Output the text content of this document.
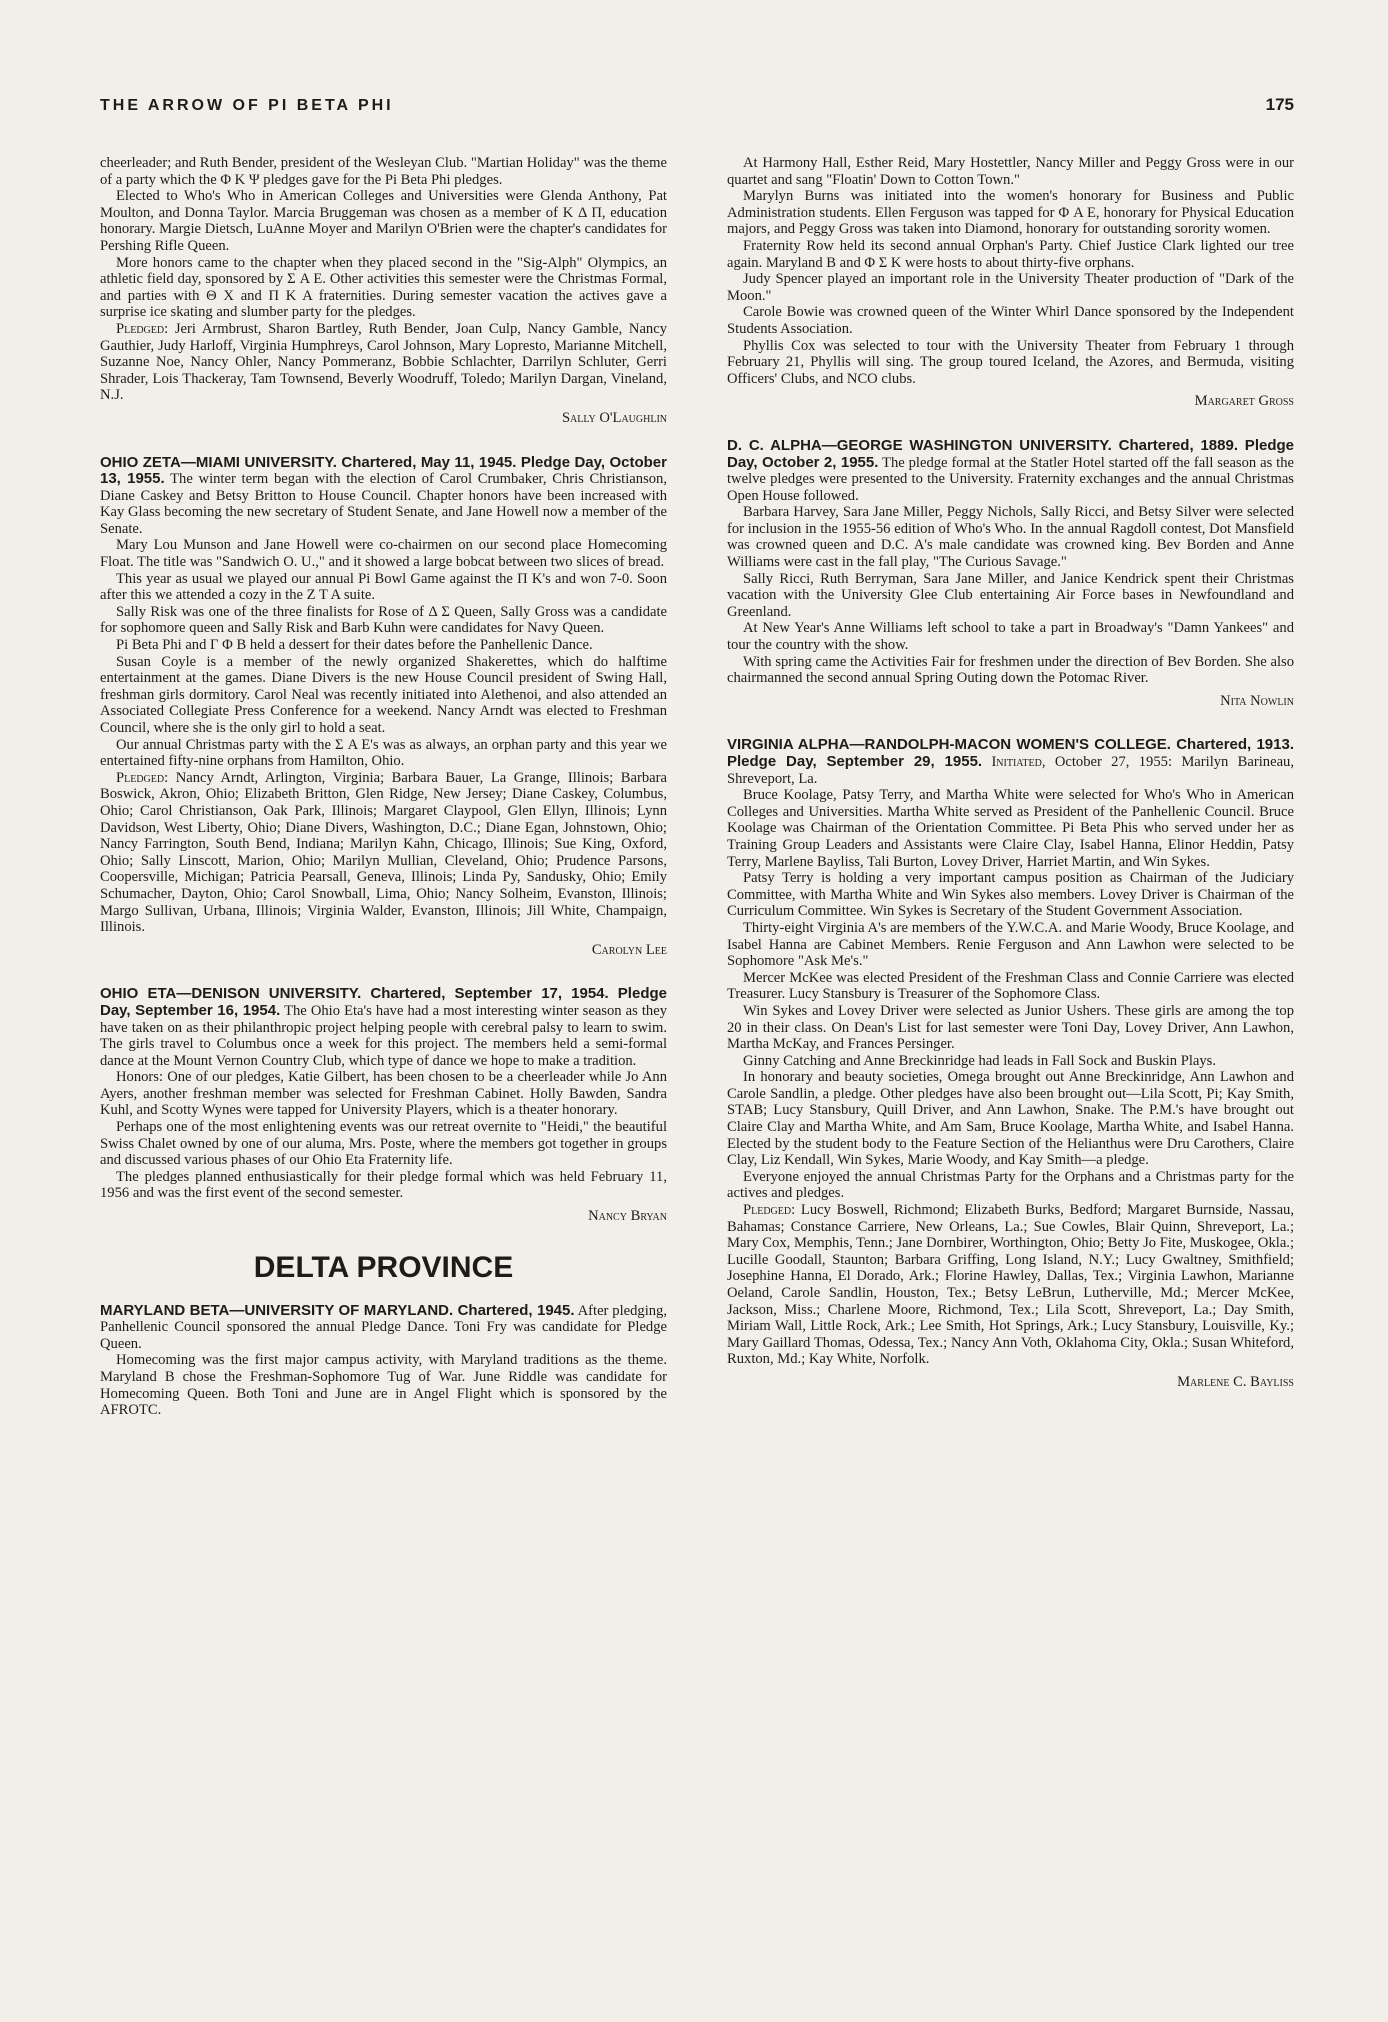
THE ARROW OF PI BETA PHI	175

cheerleader; and Ruth Bender, president of the Wesleyan Club. "Martian Holiday" was the theme of a party which the Φ K Ψ pledges gave for the Pi Beta Phi pledges.

Elected to Who's Who in American Colleges and Universities were Glenda Anthony, Pat Moulton, and Donna Taylor. Marcia Bruggeman was chosen as a member of K Δ Π, education honorary. Margie Dietsch, LuAnne Moyer and Marilyn O'Brien were the chapter's candidates for Pershing Rifle Queen.

More honors came to the chapter when they placed second in the "Sig-Alph" Olympics, an athletic field day, sponsored by Σ A E. Other activities this semester were the Christmas Formal, and parties with Θ X and Π K A fraternities. During semester vacation the actives gave a surprise ice skating and slumber party for the pledges.

Pledged: Jeri Armbrust, Sharon Bartley, Ruth Bender, Joan Culp, Nancy Gamble, Nancy Gauthier, Judy Harloff, Virginia Humphreys, Carol Johnson, Mary Lopresto, Marianne Mitchell, Suzanne Noe, Nancy Ohler, Nancy Pommeranz, Bobbie Schlachter, Darrilyn Schluter, Gerri Shrader, Lois Thackeray, Tam Townsend, Beverly Woodruff, Toledo; Marilyn Dargan, Vineland, N.J.

Sally O'Laughlin

OHIO ZETA—MIAMI UNIVERSITY. Chartered, May 11, 1945. Pledge Day, October 13, 1955. The winter term began with the election of Carol Crumbaker, Chris Christianson, Diane Caskey and Betsy Britton to House Council. Chapter honors have been increased with Kay Glass becoming the new secretary of Student Senate, and Jane Howell now a member of the Senate.

Mary Lou Munson and Jane Howell were co-chairmen on our second place Homecoming Float. The title was "Sandwich O. U.," and it showed a large bobcat between two slices of bread.

This year as usual we played our annual Pi Bowl Game against the Π K's and won 7-0. Soon after this we attended a cozy in the Z T A suite.

Sally Risk was one of the three finalists for Rose of Δ Σ Queen, Sally Gross was a candidate for sophomore queen and Sally Risk and Barb Kuhn were candidates for Navy Queen.

Pi Beta Phi and Γ Φ B held a dessert for their dates before the Panhellenic Dance.

Susan Coyle is a member of the newly organized Shakerettes, which do halftime entertainment at the games. Diane Divers is the new House Council president of Swing Hall, freshman girls dormitory. Carol Neal was recently initiated into Alethenoi, and also attended an Associated Collegiate Press Conference for a weekend. Nancy Arndt was elected to Freshman Council, where she is the only girl to hold a seat.

Our annual Christmas party with the Σ A E's was as always, an orphan party and this year we entertained fifty-nine orphans from Hamilton, Ohio.

Pledged: Nancy Arndt, Arlington, Virginia; Barbara Bauer, La Grange, Illinois; Barbara Boswick, Akron, Ohio; Elizabeth Britton, Glen Ridge, New Jersey; Diane Caskey, Columbus, Ohio; Carol Christianson, Oak Park, Illinois; Margaret Claypool, Glen Ellyn, Illinois; Lynn Davidson, West Liberty, Ohio; Diane Divers, Washington, D.C.; Diane Egan, Johnstown, Ohio; Nancy Farrington, South Bend, Indiana; Marilyn Kahn, Chicago, Illinois; Sue King, Oxford, Ohio; Sally Linscott, Marion, Ohio; Marilyn Mullian, Cleveland, Ohio; Prudence Parsons, Coopersville, Michigan; Patricia Pearsall, Geneva, Illinois; Linda Py, Sandusky, Ohio; Emily Schumacher, Dayton, Ohio; Carol Snowball, Lima, Ohio; Nancy Solheim, Evanston, Illinois; Margo Sullivan, Urbana, Illinois; Virginia Walder, Evanston, Illinois; Jill White, Champaign, Illinois.

Carolyn Lee

OHIO ETA—DENISON UNIVERSITY. Chartered, September 17, 1954. Pledge Day, September 16, 1954. The Ohio Eta's have had a most interesting winter season as they have taken on as their philanthropic project helping people with cerebral palsy to learn to swim. The girls travel to Columbus once a week for this project. The members held a semi-formal dance at the Mount Vernon Country Club, which type of dance we hope to make a tradition.

Honors: One of our pledges, Katie Gilbert, has been chosen to be a cheerleader while Jo Ann Ayers, another freshman member was selected for Freshman Cabinet. Holly Bawden, Sandra Kuhl, and Scotty Wynes were tapped for University Players, which is a theater honorary.

Perhaps one of the most enlightening events was our retreat overnite to "Heidi," the beautiful Swiss Chalet owned by one of our aluma, Mrs. Poste, where the members got together in groups and discussed various phases of our Ohio Eta Fraternity life.

The pledges planned enthusiastically for their pledge formal which was held February 11, 1956 and was the first event of the second semester.

Nancy Bryan
DELTA PROVINCE

MARYLAND BETA—UNIVERSITY OF MARYLAND. Chartered, 1945. After pledging, Panhellenic Council sponsored the annual Pledge Dance. Toni Fry was candidate for Pledge Queen.

Homecoming was the first major campus activity, with Maryland traditions as the theme. Maryland B chose the Freshman-Sophomore Tug of War. June Riddle was candidate for Homecoming Queen. Both Toni and June are in Angel Flight which is sponsored by the AFROTC.

At Harmony Hall, Esther Reid, Mary Hostettler, Nancy Miller and Peggy Gross were in our quartet and sang "Floatin' Down to Cotton Town."

Marylyn Burns was initiated into the women's honorary for Business and Public Administration students. Ellen Ferguson was tapped for Φ A E, honorary for Physical Education majors, and Peggy Gross was taken into Diamond, honorary for outstanding sorority women.

Fraternity Row held its second annual Orphan's Party. Chief Justice Clark lighted our tree again. Maryland B and Φ Σ K were hosts to about thirty-five orphans.

Judy Spencer played an important role in the University Theater production of "Dark of the Moon."

Carole Bowie was crowned queen of the Winter Whirl Dance sponsored by the Independent Students Association.

Phyllis Cox was selected to tour with the University Theater from February 1 through February 21, Phyllis will sing. The group toured Iceland, the Azores, and Bermuda, visiting Officers' Clubs, and NCO clubs.

Margaret Gross

D. C. ALPHA—GEORGE WASHINGTON UNIVERSITY. Chartered, 1889. Pledge Day, October 2, 1955. The pledge formal at the Statler Hotel started off the fall season as the twelve pledges were presented to the University. Fraternity exchanges and the annual Christmas Open House followed.

Barbara Harvey, Sara Jane Miller, Peggy Nichols, Sally Ricci, and Betsy Silver were selected for inclusion in the 1955-56 edition of Who's Who. In the annual Ragdoll contest, Dot Mansfield was crowned queen and D.C. A's male candidate was crowned king. Bev Borden and Anne Williams were cast in the fall play, "The Curious Savage."

Sally Ricci, Ruth Berryman, Sara Jane Miller, and Janice Kendrick spent their Christmas vacation with the University Glee Club entertaining Air Force bases in Newfoundland and Greenland.

At New Year's Anne Williams left school to take a part in Broadway's "Damn Yankees" and tour the country with the show.

With spring came the Activities Fair for freshmen under the direction of Bev Borden. She also chairmanned the second annual Spring Outing down the Potomac River.

Nita Nowlin

VIRGINIA ALPHA—RANDOLPH-MACON WOMEN'S COLLEGE. Chartered, 1913. Pledge Day, September 29, 1955. Initiated, October 27, 1955: Marilyn Barineau, Shreveport, La.

Bruce Koolage, Patsy Terry, and Martha White were selected for Who's Who in American Colleges and Universities. Martha White served as President of the Panhellenic Council. Bruce Koolage was Chairman of the Orientation Committee. Pi Beta Phis who served under her as Training Group Leaders and Assistants were Claire Clay, Isabel Hanna, Elinor Heddin, Patsy Terry, Marlene Bayliss, Tali Burton, Lovey Driver, Harriet Martin, and Win Sykes.

Patsy Terry is holding a very important campus position as Chairman of the Judiciary Committee, with Martha White and Win Sykes also members. Lovey Driver is Chairman of the Curriculum Committee. Win Sykes is Secretary of the Student Government Association.

Thirty-eight Virginia A's are members of the Y.W.C.A. and Marie Woody, Bruce Koolage, and Isabel Hanna are Cabinet Members. Renie Ferguson and Ann Lawhon were selected to be Sophomore "Ask Me's."

Mercer McKee was elected President of the Freshman Class and Connie Carriere was elected Treasurer. Lucy Stansbury is Treasurer of the Sophomore Class.

Win Sykes and Lovey Driver were selected as Junior Ushers. These girls are among the top 20 in their class. On Dean's List for last semester were Toni Day, Lovey Driver, Ann Lawhon, Martha McKay, and Frances Persinger.

Ginny Catching and Anne Breckinridge had leads in Fall Sock and Buskin Plays.

In honorary and beauty societies, Omega brought out Anne Breckinridge, Ann Lawhon and Carole Sandlin, a pledge. Other pledges have also been brought out—Lila Scott, Pi; Kay Smith, STAB; Lucy Stansbury, Quill Driver, and Ann Lawhon, Snake. The P.M.'s have brought out Claire Clay and Martha White, and Am Sam, Bruce Koolage, Martha White, and Isabel Hanna. Elected by the student body to the Feature Section of the Helianthus were Dru Carothers, Claire Clay, Liz Kendall, Win Sykes, Marie Woody, and Kay Smith—a pledge.

Everyone enjoyed the annual Christmas Party for the Orphans and a Christmas party for the actives and pledges.

Pledged: Lucy Boswell, Richmond; Elizabeth Burks, Bedford; Margaret Burnside, Nassau, Bahamas; Constance Carriere, New Orleans, La.; Sue Cowles, Blair Quinn, Shreveport, La.; Mary Cox, Memphis, Tenn.; Jane Dornbirer, Worthington, Ohio; Betty Jo Fite, Muskogee, Okla.; Lucille Goodall, Staunton; Barbara Griffing, Long Island, N.Y.; Lucy Gwaltney, Smithfield; Josephine Hanna, El Dorado, Ark.; Florine Hawley, Dallas, Tex.; Virginia Lawhon, Marianne Oeland, Carole Sandlin, Houston, Tex.; Betsy LeBrun, Lutherville, Md.; Mercer McKee, Jackson, Miss.; Charlene Moore, Richmond, Tex.; Lila Scott, Shreveport, La.; Day Smith, Miriam Wall, Little Rock, Ark.; Lee Smith, Hot Springs, Ark.; Lucy Stansbury, Louisville, Ky.; Mary Gaillard Thomas, Odessa, Tex.; Nancy Ann Voth, Oklahoma City, Okla.; Susan Whiteford, Ruxton, Md.; Kay White, Norfolk.

Marlene C. Bayliss
